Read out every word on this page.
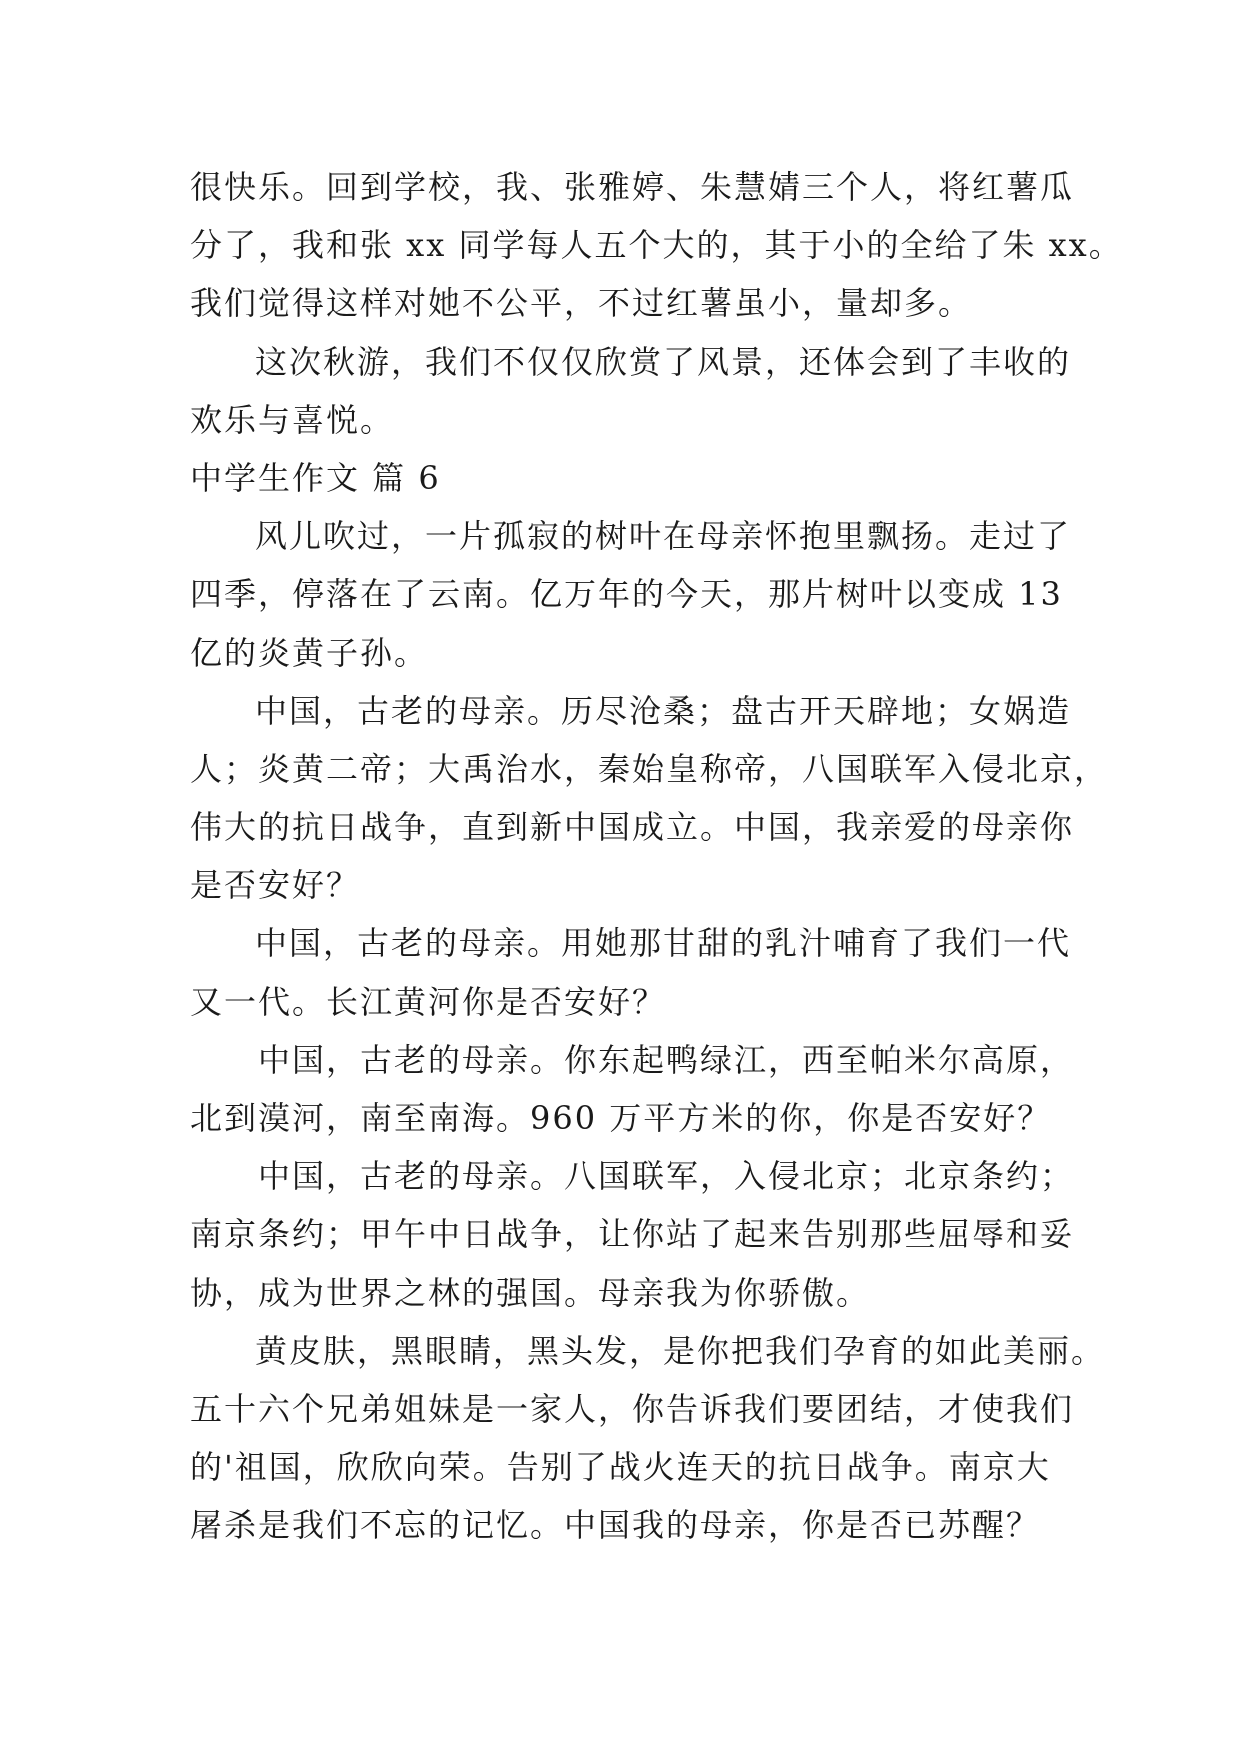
很快乐。回到学校，我、张雅婷、朱慧婧三个人，将红薯瓜
分了，我和张 xx 同学每人五个大的，其于小的全给了朱 xx。
我们觉得这样对她不公平，不过红薯虽小，量却多。
这次秋游，我们不仅仅欣赏了风景，还体会到了丰收的
欢乐与喜悦。
中学生作文 篇 6
风儿吹过，一片孤寂的树叶在母亲怀抱里飘扬。走过了
四季，停落在了云南。亿万年的今天，那片树叶以变成 13
亿的炎黄子孙。
中国，古老的母亲。历尽沧桑；盘古开天辟地；女娲造
人；炎黄二帝；大禹治水，秦始皇称帝，八国联军入侵北京，
伟大的抗日战争，直到新中国成立。中国，我亲爱的母亲你
是否安好？
中国，古老的母亲。用她那甘甜的乳汁哺育了我们一代
又一代。长江黄河你是否安好？
中国，古老的母亲。你东起鸭绿江，西至帕米尔高原，
北到漠河，南至南海。960 万平方米的你，你是否安好？
中国，古老的母亲。八国联军，入侵北京；北京条约；
南京条约；甲午中日战争，让你站了起来告别那些屈辱和妥
协，成为世界之林的强国。母亲我为你骄傲。
黄皮肤，黑眼睛，黑头发，是你把我们孕育的如此美丽。
五十六个兄弟姐妹是一家人，你告诉我们要团结，才使我们
的'祖国，欣欣向荣。告别了战火连天的抗日战争。南京大
屠杀是我们不忘的记忆。中国我的母亲，你是否已苏醒？
